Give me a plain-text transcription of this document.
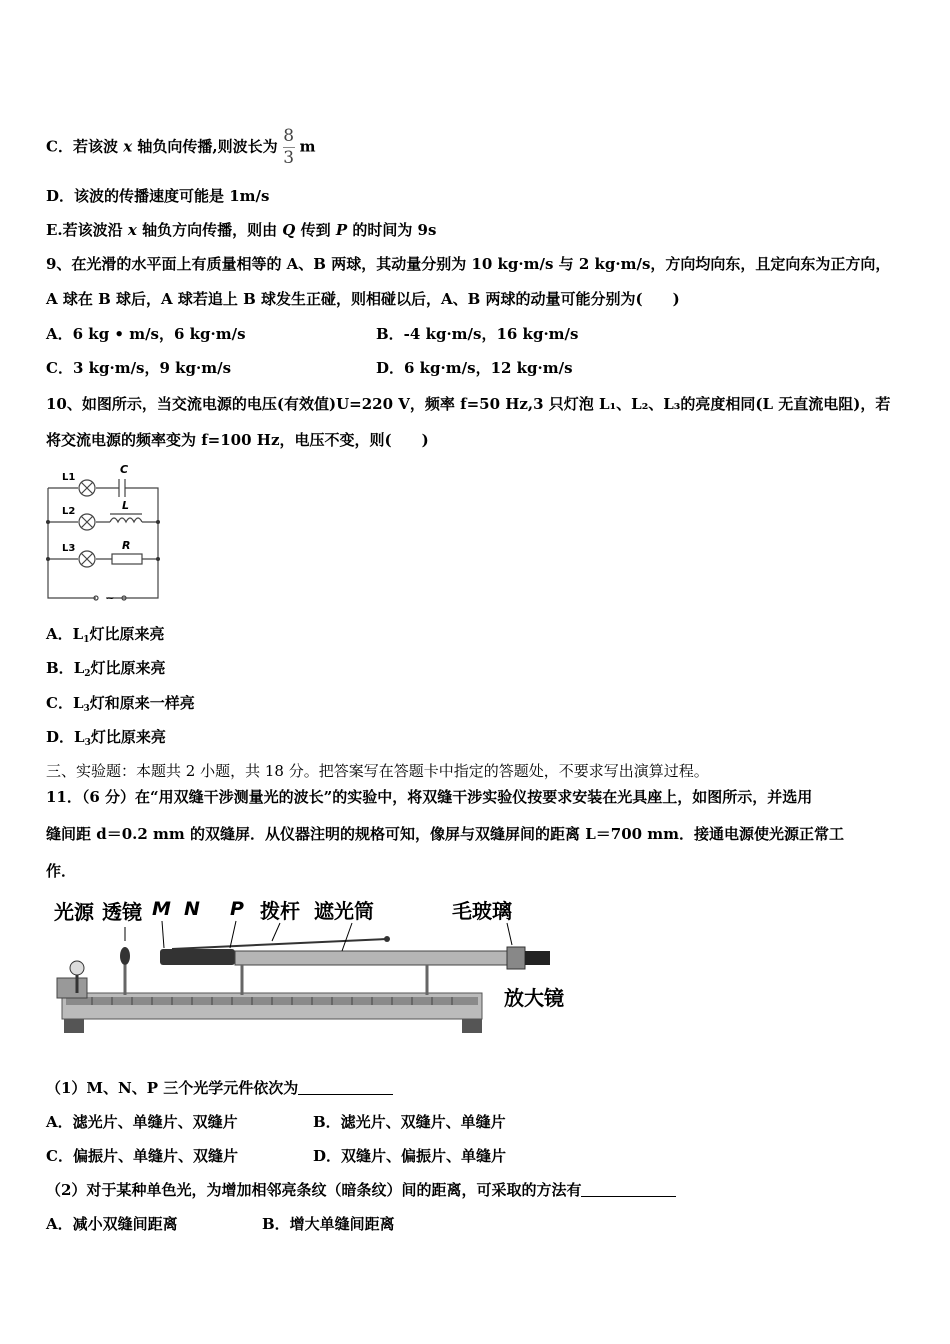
C．若该波 x 轴负向传播,则波长为 $\frac{8}{3}$ m
D．该波的传播速度可能是 1m/s
E.若该波沿 x 轴负方向传播，则由 Q 传到 P 的时间为 9s
9、在光滑的水平面上有质量相等的 A、B 两球，其动量分别为 10 kg·m/s 与 2 kg·m/s，方向均向东，且定向东为正方向，
A 球在 B 球后，A 球若追上 B 球发生正碰，则相碰以后，A、B 两球的动量可能分别为(　　)
A．6 kg • m/s，6 kg·m/s	B．-4 kg·m/s，16 kg·m/s
C．3 kg·m/s，9 kg·m/s	D．6 kg·m/s，12 kg·m/s
10、如图所示，当交流电源的电压(有效值)U=220 V，频率 f=50 Hz,3 只灯泡 L₁、L₂、L₃的亮度相同(L 无直流电阻)，若
将交流电源的频率变为 f=100 Hz，电压不变，则(　　)
L1
C
L2	L
L3	R
~
A．$L_1$灯比原来亮
B．$L_2$灯比原来亮
C．$L_3$灯和原来一样亮
D．$L_3$灯比原来亮
三、实验题：本题共 2 小题，共 18 分。把答案写在答题卡中指定的答题处，不要求写出演算过程。
11．（6 分）在“用双缝干涉测量光的波长”的实验中，将双缝干涉实验仪按要求安装在光具座上，如图所示，并选用
缝间距 d＝0.2 mm 的双缝屏．从仪器注明的规格可知，像屏与双缝屏间的距离 L＝700 mm．接通电源使光源正常工
作．
光源 透镜 M N P 拨杆 遮光筒	毛玻璃
放大镜
（1）M、N、P 三个光学元件依次为
A．滤光片、单缝片、双缝片	B．滤光片、双缝片、单缝片
C．偏振片、单缝片、双缝片	D．双缝片、偏振片、单缝片
（2）对于某种单色光，为增加相邻亮条纹（暗条纹）间的距离，可采取的方法有
A．减小双缝间距离	B．增大单缝间距离
